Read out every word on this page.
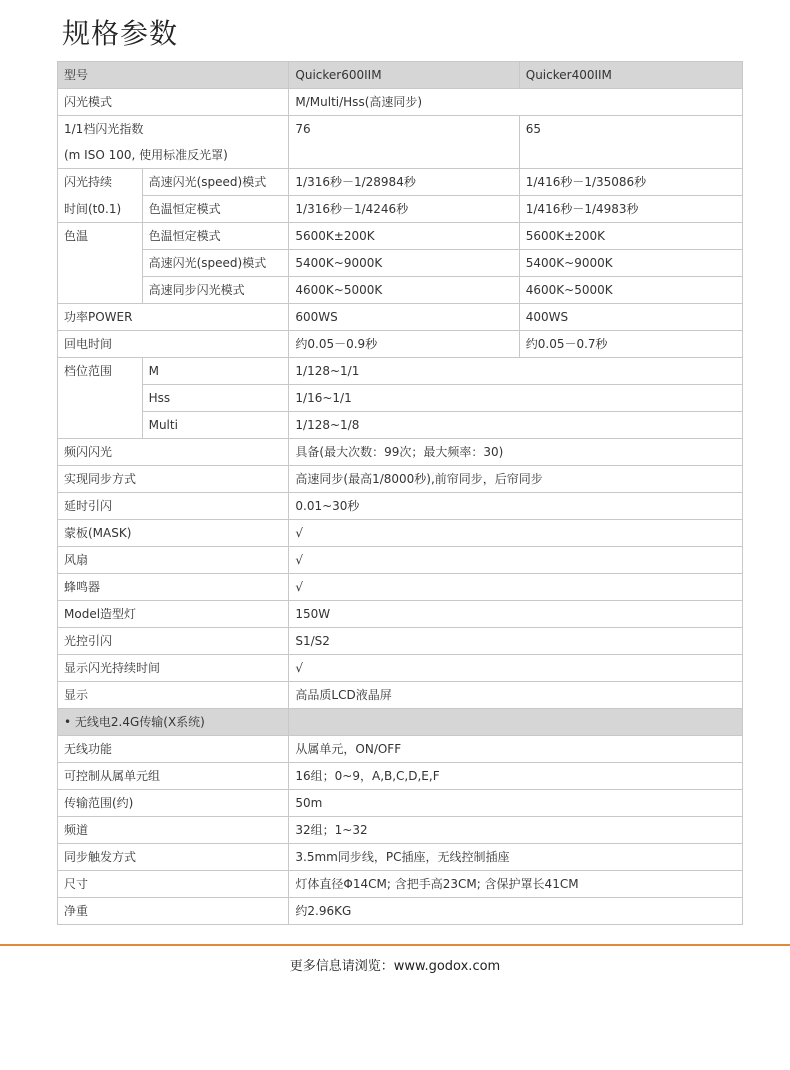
规格参数
型号		Quicker600IIM	Quicker400IIM
闪光模式		M/Multi/Hss(高速同步)	

1/1档闪光指数
(m ISO 100, 使用标准反光罩)		76	65
闪光持续	高速闪光(speed)模式	1/316秒－1/28984秒	1/416秒－1/35086秒
时间(t0.1)	色温恒定模式	1/316秒－1/4246秒	1/416秒－1/4983秒
色温	色温恒定模式	5600K±200K	5600K±200K
	高速闪光(speed)模式	5400K~9000K	5400K~9000K
	高速同步闪光模式	4600K~5000K	4600K~5000K
功率POWER		600WS	400WS
回电时间		约0.05－0.9秒	约0.05－0.7秒
档位范围	M	1/128~1/1	
	Hss	1/16~1/1	
	Multi	1/128~1/8	
频闪闪光		具备(最大次数：99次；最大频率：30)	
实现同步方式		高速同步(最高1/8000秒),前帘同步，后帘同步	
延时引闪		0.01~30秒	
蒙板(MASK)		√	
风扇		√	
蜂鸣器		√	
Model造型灯		150W	
光控引闪		S1/S2	
显示闪光持续时间		√	
显示		高品质LCD液晶屏	
• 无线电2.4G传输(X系统)			
无线功能		从属单元，ON/OFF	
可控制从属单元组		16组；0~9，A,B,C,D,E,F	
传输范围(约)		50m	
频道		32组；1~32	
同步触发方式		3.5mm同步线，PC插座，无线控制插座	
尺寸		灯体直径Φ14CM; 含把手高23CM; 含保护罩长41CM	
净重		约2.96KG	
更多信息请浏览：www.godox.com
